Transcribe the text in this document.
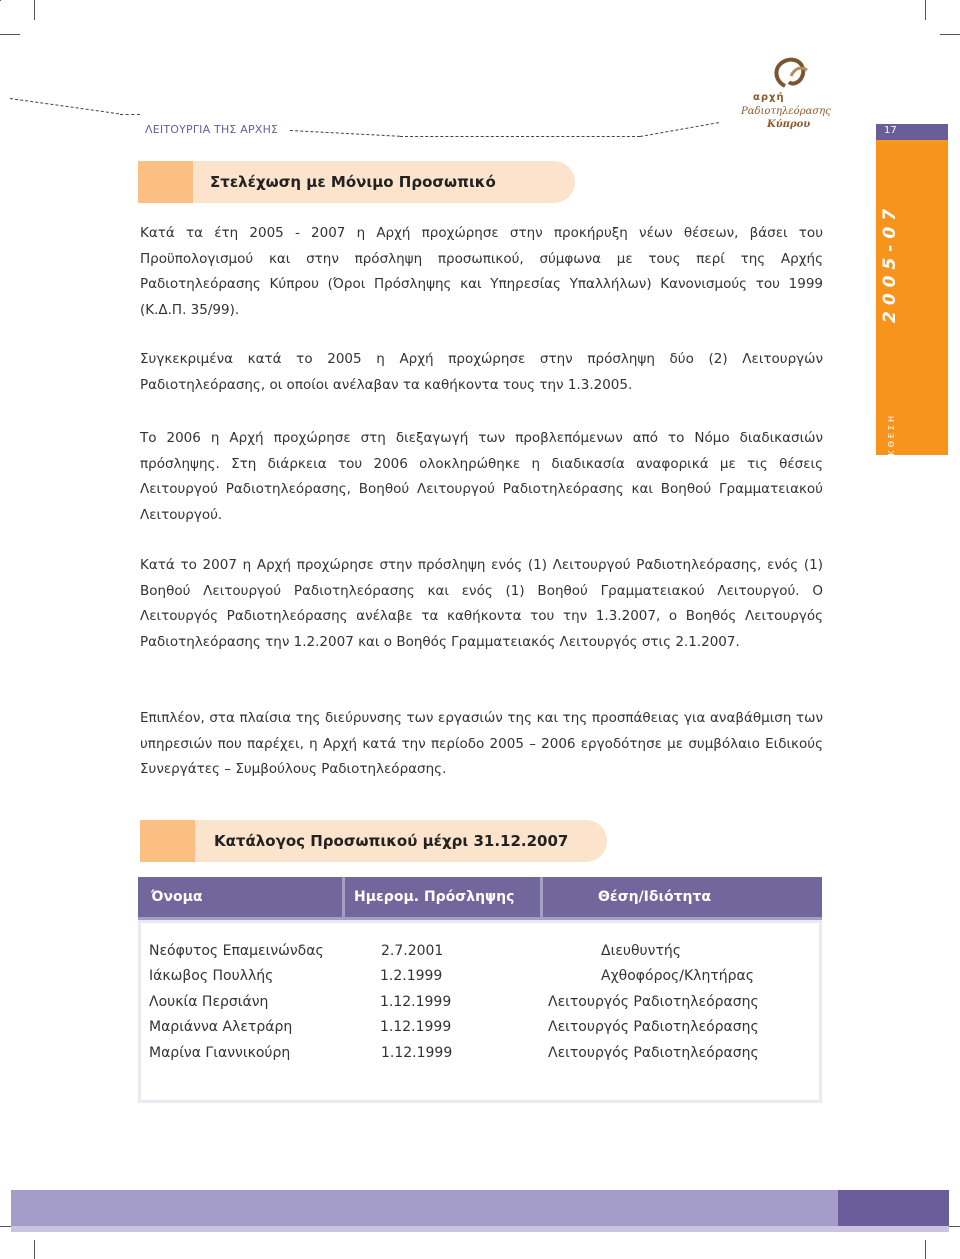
ΛΕΙΤΟΥΡΓΙΑ ΤΗΣ ΑΡΧΗΣ
αρχή
Ραδιοτηλεόρασης
Κύπρου
17
2005-07
ΕΚΘΕΣΗ
Στελέχωση με Μόνιμο Προσωπικό

Κατά τα έτη 2005 - 2007 η Αρχή προχώρησε στην προκήρυξη νέων θέσεων, βάσει του Προϋπολογισμού και στην πρόσληψη προσωπικού, σύμφωνα με τους περί της Αρχής Ραδιοτηλεόρασης Κύπρου (Όροι Πρόσληψης και Υπηρεσίας Υπαλλήλων) Κανονισμούς του 1999 (Κ.Δ.Π. 35/99).

Συγκεκριμένα κατά το 2005 η Αρχή προχώρησε στην πρόσληψη δύο (2) Λειτουργών Ραδιοτηλεόρασης, οι οποίοι ανέλαβαν τα καθήκοντα τους την 1.3.2005.

Το 2006 η Αρχή προχώρησε στη διεξαγωγή των προβλεπόμενων από το Νόμο διαδικασιών πρόσληψης. Στη διάρκεια του 2006 ολοκληρώθηκε η διαδικασία αναφορικά με τις θέσεις Λειτουργού Ραδιοτηλεόρασης, Βοηθού Λειτουργού Ραδιοτηλεόρασης και Βοηθού Γραμματειακού Λειτουργού.

Κατά το 2007 η Αρχή προχώρησε στην πρόσληψη ενός (1) Λειτουργού Ραδιοτηλεόρασης, ενός (1) Βοηθού Λειτουργού Ραδιοτηλεόρασης και ενός (1) Βοηθού Γραμματειακού Λειτουργού. Ο Λειτουργός Ραδιοτηλεόρασης ανέλαβε τα καθήκοντα του την 1.3.2007, ο Βοηθός Λειτουργός Ραδιοτηλεόρασης την 1.2.2007 και ο Βοηθός Γραμματειακός Λειτουργός στις 2.1.2007.

Επιπλέον, στα πλαίσια της διεύρυνσης των εργασιών της και της προσπάθειας για αναβάθμιση των υπηρεσιών που παρέχει, η Αρχή κατά την περίοδο 2005 – 2006 εργοδότησε με συμβόλαιο Ειδικούς Συνεργάτες – Συμβούλους Ραδιοτηλεόρασης.

Κατάλογος Προσωπικού μέχρι 31.12.2007
Όνομα	Ημερομ. Πρόσληψης	Θέση/Ιδιότητα
Νεόφυτος Επαμεινώνδας	2.7.2001	Διευθυντής
Ιάκωβος Πουλλής	1.2.1999	Αχθοφόρος/Κλητήρας
Λουκία Περσιάνη	1.12.1999	Λειτουργός Ραδιοτηλεόρασης
Μαριάννα Αλετράρη	1.12.1999	Λειτουργός Ραδιοτηλεόρασης
Μαρίνα Γιαννικούρη	1.12.1999	Λειτουργός Ραδιοτηλεόρασης
